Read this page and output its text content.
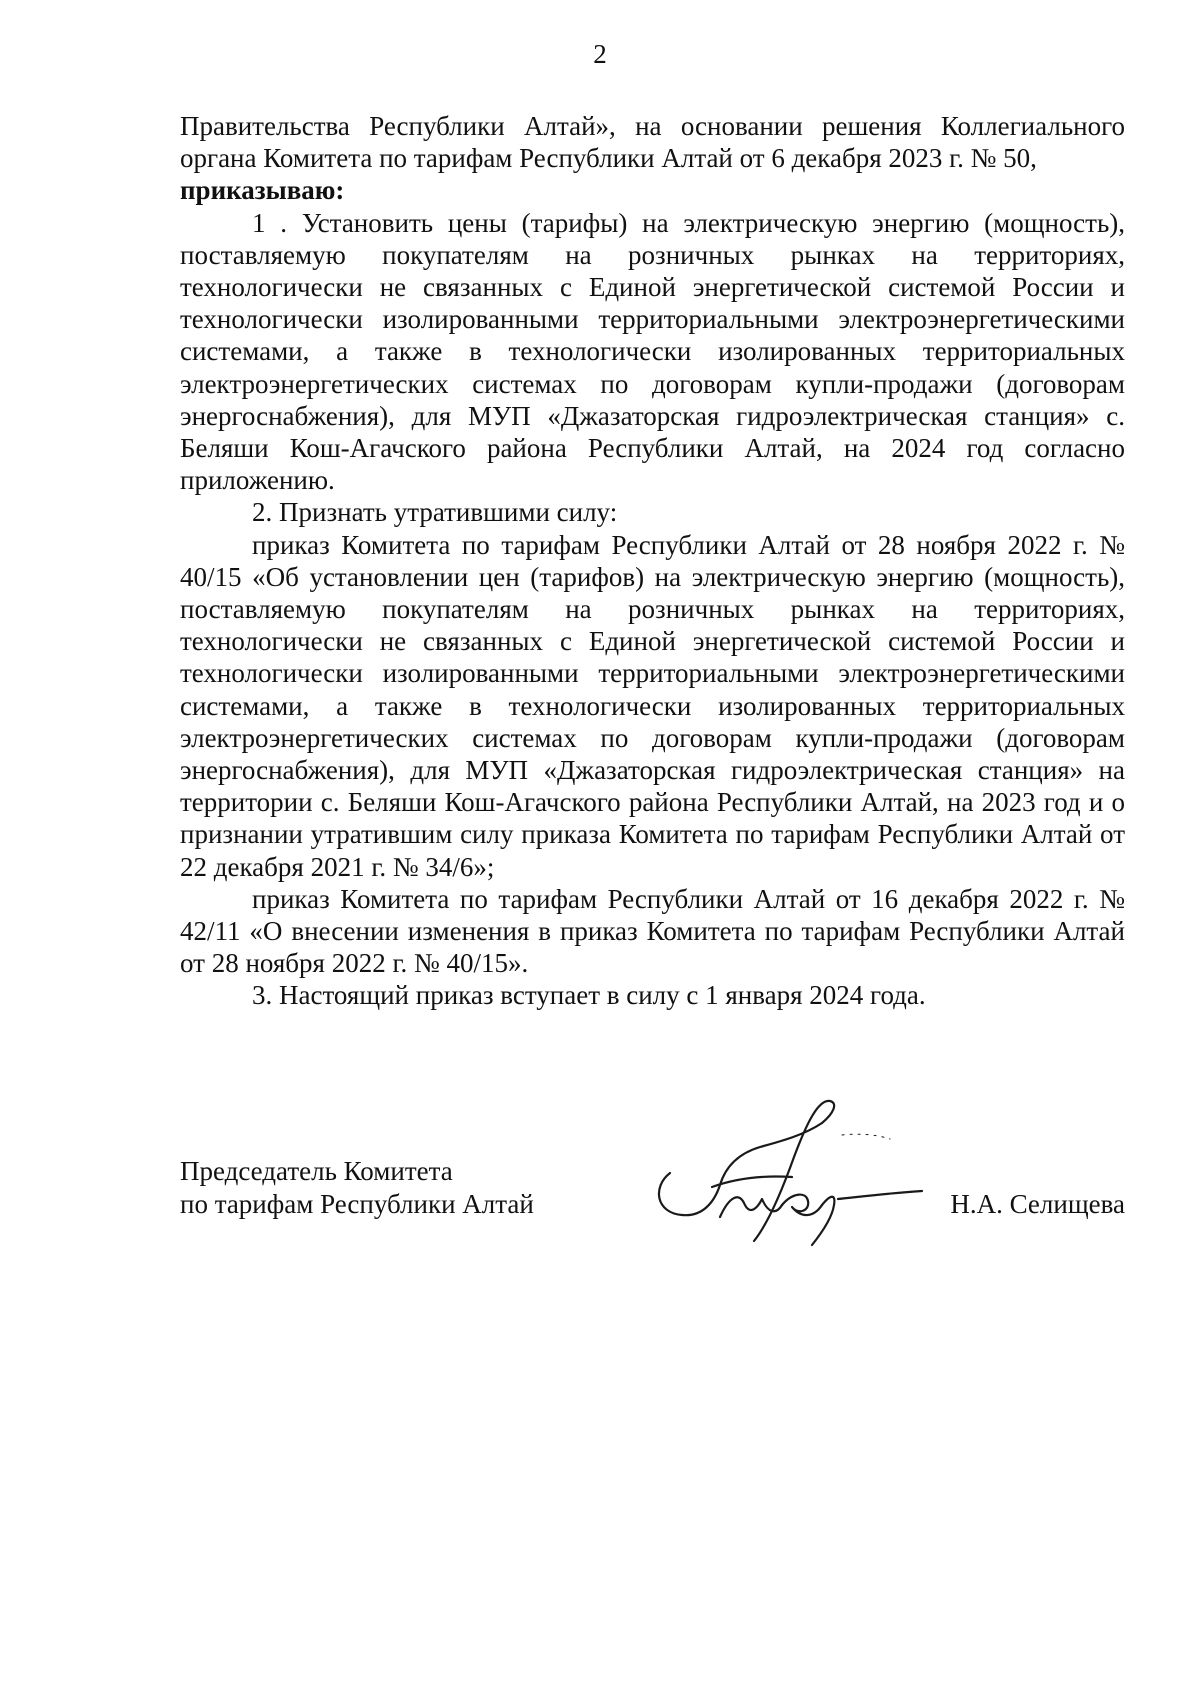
2

Правительства Республики Алтай», на основании решения Коллегиального органа Комитета по тарифам Республики Алтай от 6 декабря 2023 г. № 50,

приказываю:

1 . Установить цены (тарифы) на электрическую энергию (мощность), поставляемую покупателям на розничных рынках на территориях, технологически не связанных с Единой энергетической системой России и технологически изолированными территориальными электроэнергетическими системами, а также в технологически изолированных территориальных электроэнергетических системах по договорам купли-продажи (договорам энергоснабжения), для МУП «Джазаторская гидроэлектрическая станция» с. Беляши Кош-Агачского района Республики Алтай, на 2024 год согласно приложению.

2. Признать утратившими силу:

приказ Комитета по тарифам Республики Алтай от 28 ноября 2022 г. № 40/15 «Об установлении цен (тарифов) на электрическую энергию (мощность), поставляемую покупателям на розничных рынках на территориях, технологически не связанных с Единой энергетической системой России и технологически изолированными территориальными электроэнергетическими системами, а также в технологически изолированных территориальных электроэнергетических системах по договорам купли-продажи (договорам энергоснабжения), для МУП «Джазаторская гидроэлектрическая станция» на территории с. Беляши Кош-Агачского района Республики Алтай, на 2023 год и о признании утратившим силу приказа Комитета по тарифам Республики Алтай от 22 декабря 2021 г. № 34/6»;

приказ Комитета по тарифам Республики Алтай от 16 декабря 2022 г. № 42/11 «О внесении изменения в приказ Комитета по тарифам Республики Алтай от 28 ноября 2022 г. № 40/15».

3. Настоящий приказ вступает в силу с 1 января 2024 года.

Председатель Комитета
по тарифам Республики Алтай	Н.А. Селищева
